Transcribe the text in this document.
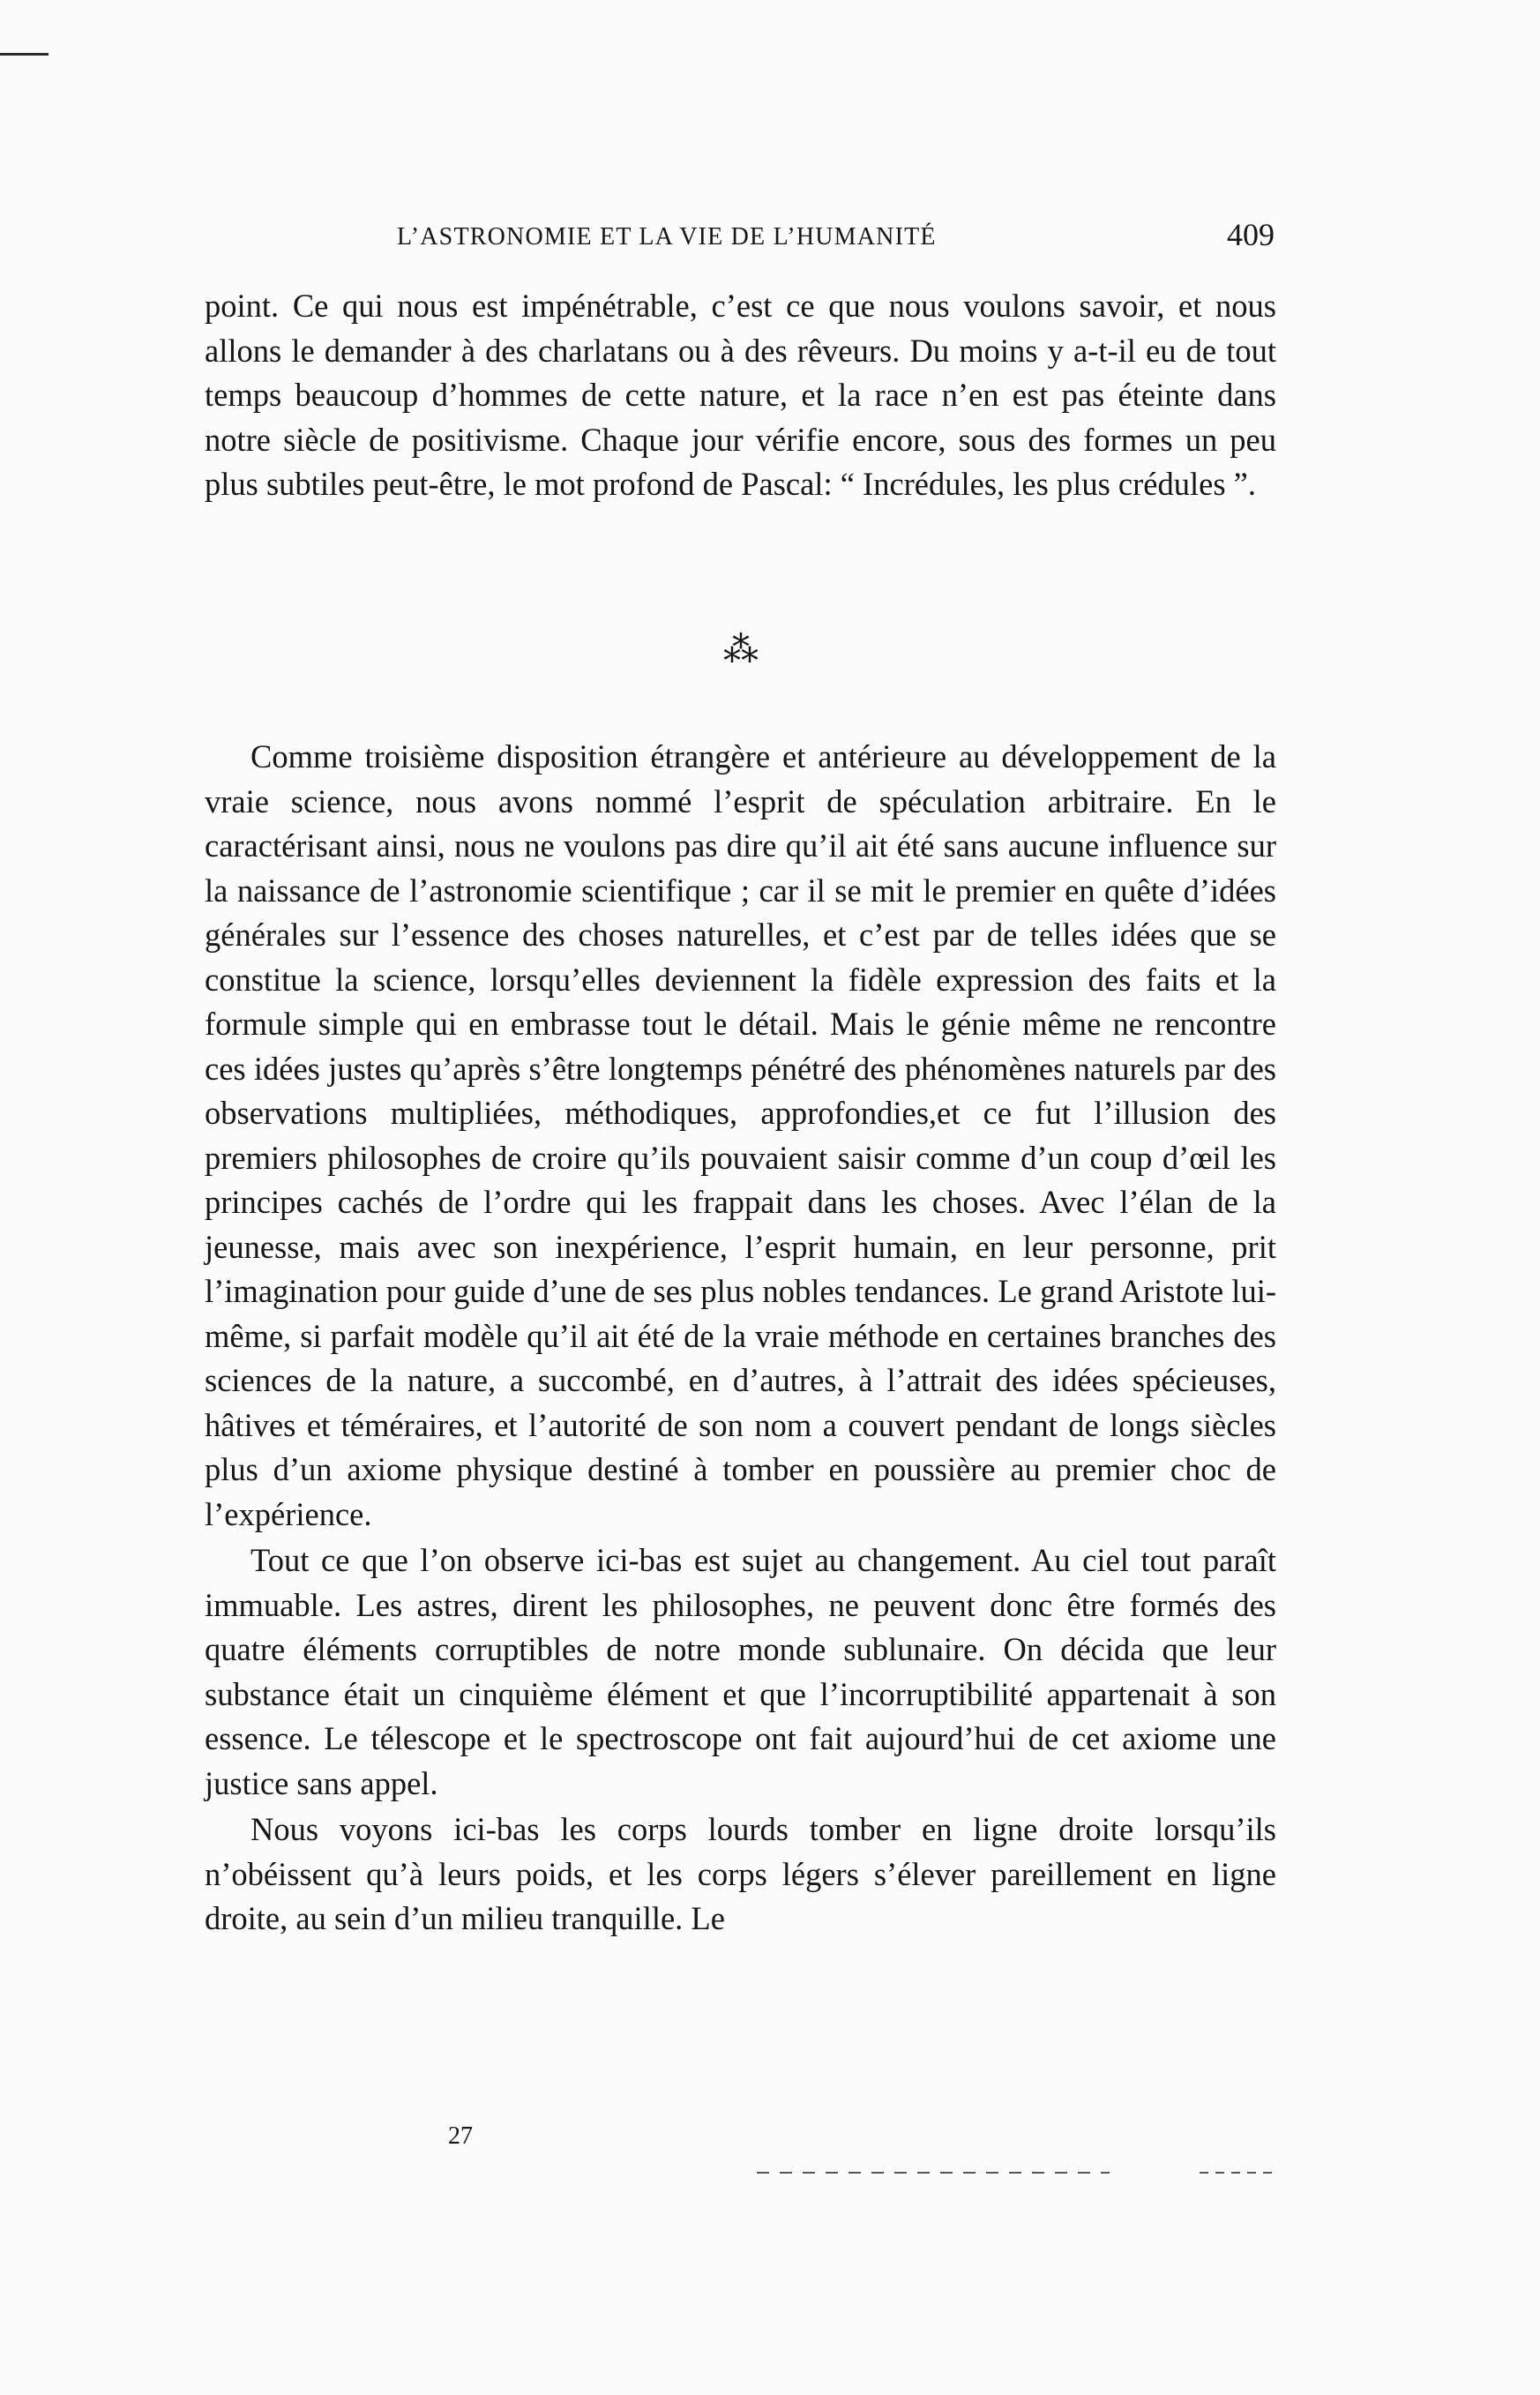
L’ASTRONOMIE ET LA VIE DE L’HUMANITÉ	409

point. Ce qui nous est impénétrable, c’est ce que nous voulons savoir, et nous allons le demander à des charlatans ou à des rêveurs. Du moins y a-t-il eu de tout temps beaucoup d’hommes de cette nature, et la race n’en est pas éteinte dans notre siècle de positivisme. Chaque jour vérifie encore, sous des formes un peu plus subtiles peut-être, le mot profond de Pascal: “ Incrédules, les plus crédules ”.

⁂

Comme troisième disposition étrangère et antérieure au développement de la vraie science, nous avons nommé l’esprit de spéculation arbitraire. En le caractérisant ainsi, nous ne voulons pas dire qu’il ait été sans aucune influence sur la naissance de l’astronomie scientifique ; car il se mit le premier en quête d’idées générales sur l’essence des choses naturelles, et c’est par de telles idées que se constitue la science, lorsqu’elles deviennent la fidèle expression des faits et la formule simple qui en embrasse tout le détail. Mais le génie même ne rencontre ces idées justes qu’après s’être longtemps pénétré des phénomènes naturels par des observations multipliées, méthodiques, approfondies,et ce fut l’illusion des premiers philosophes de croire qu’ils pouvaient saisir comme d’un coup d’œil les principes cachés de l’ordre qui les frappait dans les choses. Avec l’élan de la jeunesse, mais avec son inexpérience, l’esprit humain, en leur personne, prit l’imagination pour guide d’une de ses plus nobles tendances. Le grand Aristote lui-même, si parfait modèle qu’il ait été de la vraie méthode en certaines branches des sciences de la nature, a succombé, en d’autres, à l’attrait des idées spécieuses, hâtives et téméraires, et l’autorité de son nom a couvert pendant de longs siècles plus d’un axiome physique destiné à tomber en poussière au premier choc de l’expérience.

Tout ce que l’on observe ici-bas est sujet au changement. Au ciel tout paraît immuable. Les astres, dirent les philosophes, ne peuvent donc être formés des quatre éléments corruptibles de notre monde sublunaire. On décida que leur substance était un cinquième élément et que l’incorruptibilité appartenait à son essence. Le télescope et le spectroscope ont fait aujourd’hui de cet axiome une justice sans appel.

Nous voyons ici-bas les corps lourds tomber en ligne droite lorsqu’ils n’obéissent qu’à leurs poids, et les corps légers s’élever pareillement en ligne droite, au sein d’un milieu tranquille. Le

27
